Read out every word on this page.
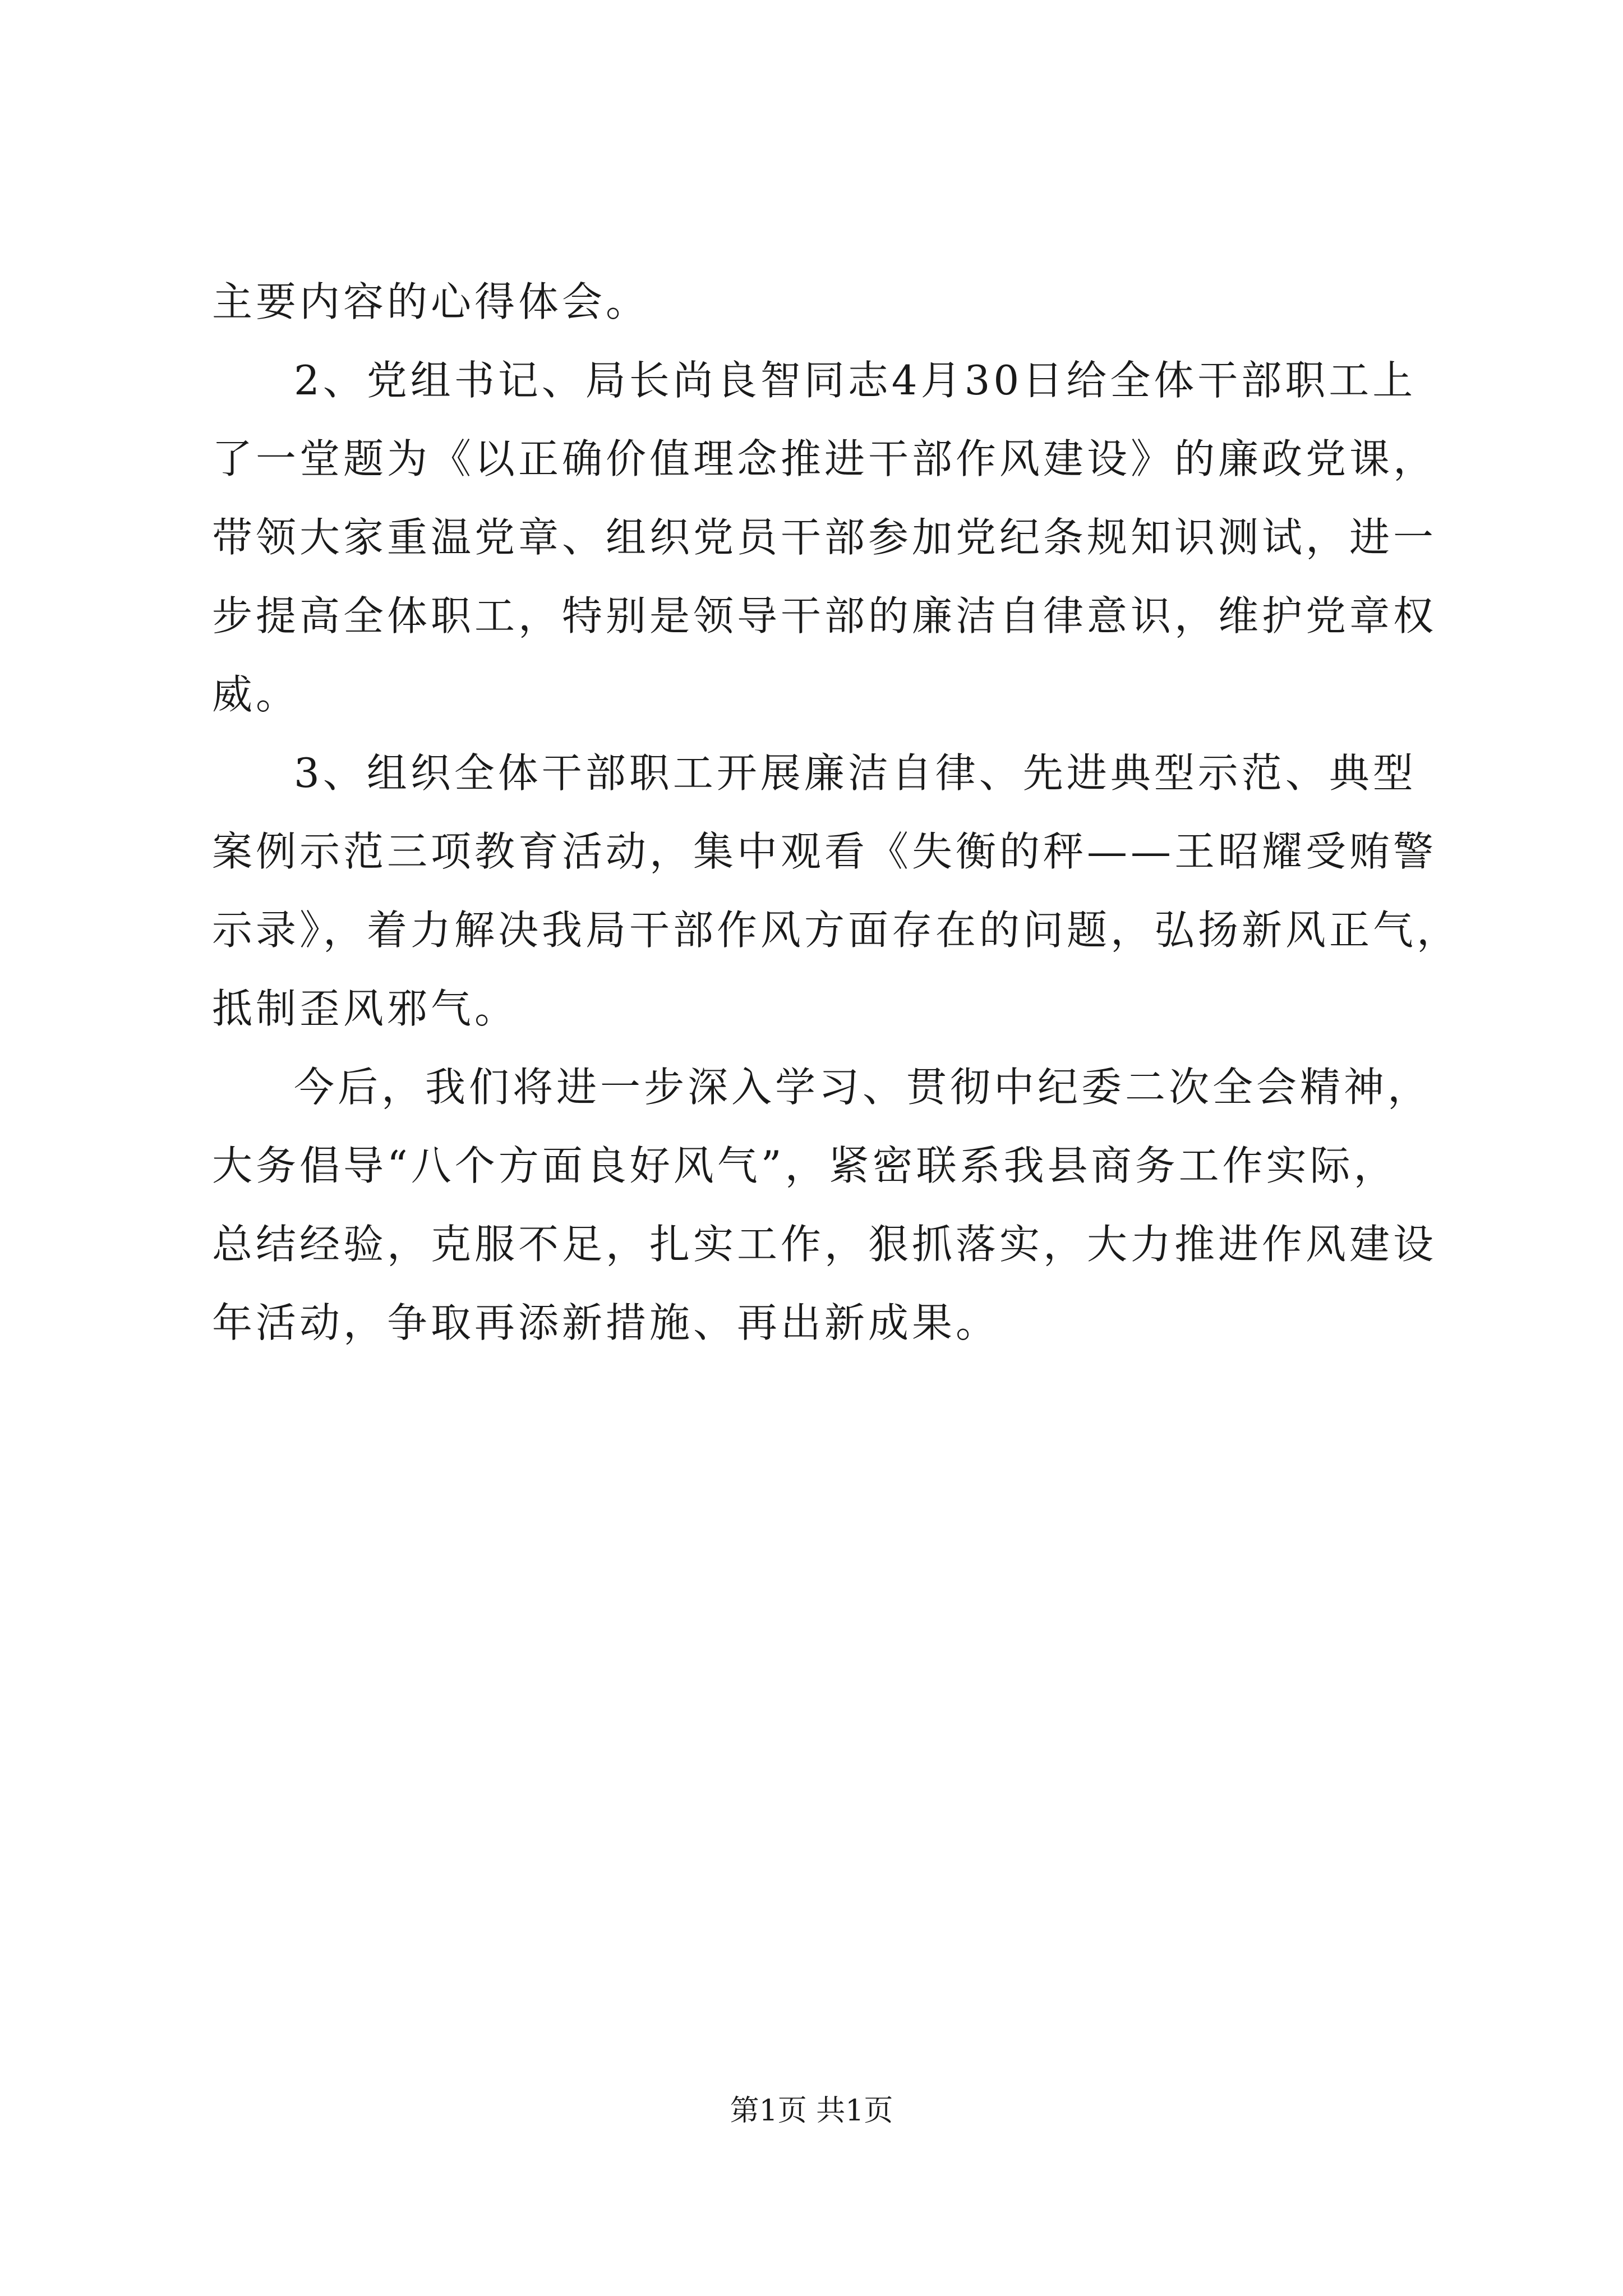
主要内容的心得体会。
2、党组书记、局长尚良智同志4月30日给全体干部职工上
了一堂题为《以正确价值理念推进干部作风建设》的廉政党课，
带领大家重温党章、组织党员干部参加党纪条规知识测试，进一
步提高全体职工，特别是领导干部的廉洁自律意识，维护党章权
威。
3、组织全体干部职工开展廉洁自律、先进典型示范、典型
案例示范三项教育活动，集中观看《失衡的秤——王昭耀受贿警
示录》，着力解决我局干部作风方面存在的问题，弘扬新风正气，
抵制歪风邪气。
今后，我们将进一步深入学习、贯彻中纪委二次全会精神，
大务倡导“八个方面良好风气”，紧密联系我县商务工作实际，
总结经验，克服不足，扎实工作，狠抓落实，大力推进作风建设
年活动，争取再添新措施、再出新成果。
第1页 共1页
